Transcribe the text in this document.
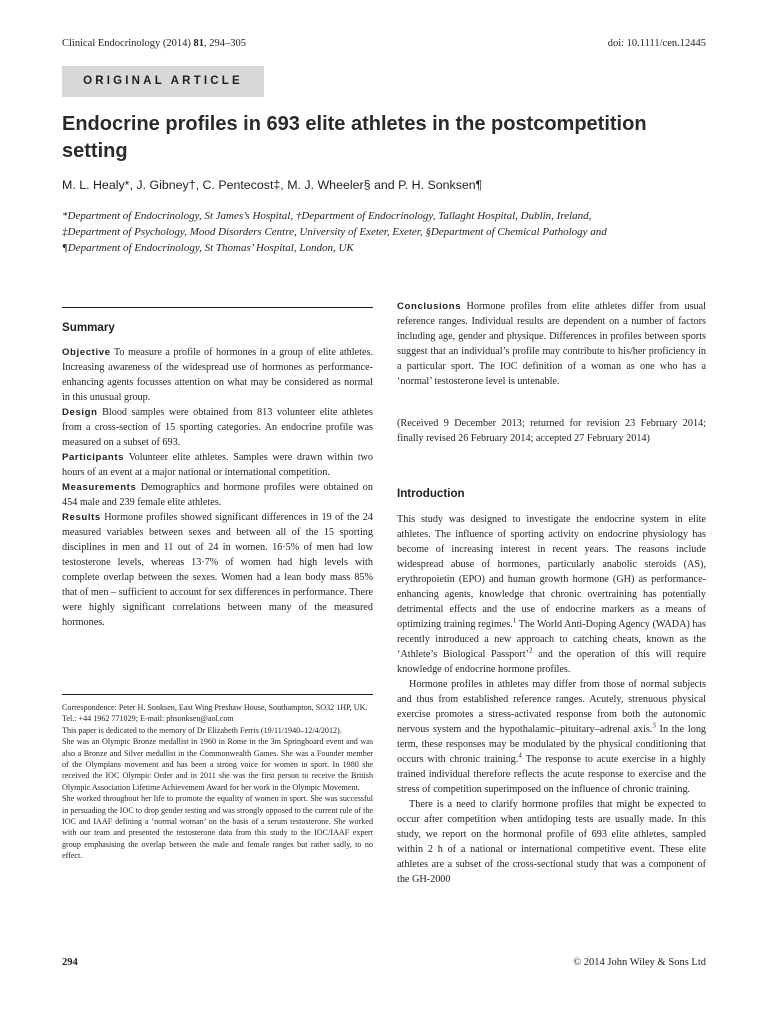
Clinical Endocrinology (2014) 81, 294–305	doi: 10.1111/cen.12445
ORIGINAL ARTICLE
Endocrine profiles in 693 elite athletes in the postcompetition setting
M. L. Healy*, J. Gibney†, C. Pentecost‡, M. J. Wheeler§ and P. H. Sonksen¶
*Department of Endocrinology, St James’s Hospital, †Department of Endocrinology, Tallaght Hospital, Dublin, Ireland,
‡Department of Psychology, Mood Disorders Centre, University of Exeter, Exeter, §Department of Chemical Pathology and
¶Department of Endocrinology, St Thomas’ Hospital, London, UK
Summary

Objective To measure a profile of hormones in a group of elite athletes. Increasing awareness of the widespread use of hormones as performance-enhancing agents focusses attention on what may be considered as normal in this unusual group.

Design Blood samples were obtained from 813 volunteer elite athletes from a cross-section of 15 sporting categories. An endocrine profile was measured on a subset of 693.

Participants Volunteer elite athletes. Samples were drawn within two hours of an event at a major national or international competition.

Measurements Demographics and hormone profiles were obtained on 454 male and 239 female elite athletes.

Results Hormone profiles showed significant differences in 19 of the 24 measured variables between sexes and between all of the 15 sporting disciplines in men and 11 out of 24 in women. 16·5% of men had low testosterone levels, whereas 13·7% of women had high levels with complete overlap between the sexes. Women had a lean body mass 85% that of men – sufficient to account for sex differences in performance. There were highly significant correlations between many of the measured hormones.

Correspondence: Peter H. Sonksen, East Wing Preshaw House, Southampton, SO32 1HP, UK. Tel.: +44 1962 771029; E-mail: phsonksen@aol.com

This paper is dedicated to the memory of Dr Elizabeth Ferris (19/11/1940–12/4/2012).

She was an Olympic Bronze medallist in 1960 in Rome in the 3m Springboard event and was also a Bronze and Silver medallist in the Commonwealth Games. She was a Founder member of the Olympians movement and has been a strong voice for women in sport. In 1980 she received the IOC Olympic Order and in 2011 she was the first person to receive the British Olympic Association Lifetime Achievement Award for her work in the Olympic Movement.

She worked throughout her life to promote the equality of women in sport. She was successful in persuading the IOC to drop gender testing and was strongly opposed to the current rule of the IOC and IAAF defining a ‘normal woman’ on the basis of a serum testosterone. She worked with our team and presented the testosterone data from this study to the IOC/IAAF expert group emphasising the overlap between the male and female ranges but rather sadly, to no effect.

Conclusions Hormone profiles from elite athletes differ from usual reference ranges. Individual results are dependent on a number of factors including age, gender and physique. Differences in profiles between sports suggest that an individual’s profile may contribute to his/her proficiency in a particular sport. The IOC definition of a woman as one who has a ‘normal’ testosterone level is untenable.

(Received 9 December 2013; returned for revision 23 February 2014; finally revised 26 February 2014; accepted 27 February 2014)
Introduction

This study was designed to investigate the endocrine system in elite athletes. The influence of sporting activity on endocrine physiology has become of increasing interest in recent years. The reasons include widespread abuse of hormones, particularly anabolic steroids (AS), erythropoietin (EPO) and human growth hormone (GH) as performance-enhancing agents, knowledge that chronic overtraining has potentially detrimental effects and the use of endocrine markers as a means of optimizing training regimes.$^1$ The World Anti-Doping Agency (WADA) has recently introduced a new approach to catching cheats, known as the ‘Athlete’s Biological Passport’$^2$ and the operation of this will require knowledge of endocrine hormone profiles.

Hormone profiles in athletes may differ from those of normal subjects and thus from established reference ranges. Acutely, strenuous physical exercise promotes a stress-activated response from both the autonomic nervous system and the hypothalamic–pituitary–adrenal axis.$^3$ In the long term, these responses may be modulated by the physical conditioning that occurs with chronic training.$^4$ The response to acute exercise in a highly trained individual therefore reflects the acute response to exercise and the stress of competition superimposed on the influence of chronic training.

There is a need to clarify hormone profiles that might be expected to occur after competition when antidoping tests are usually made. In this study, we report on the hormonal profile of 693 elite athletes, sampled within 2 h of a national or international competitive event. These elite athletes are a subset of the cross-sectional study that was a component of the GH-2000

294	© 2014 John Wiley & Sons Ltd
